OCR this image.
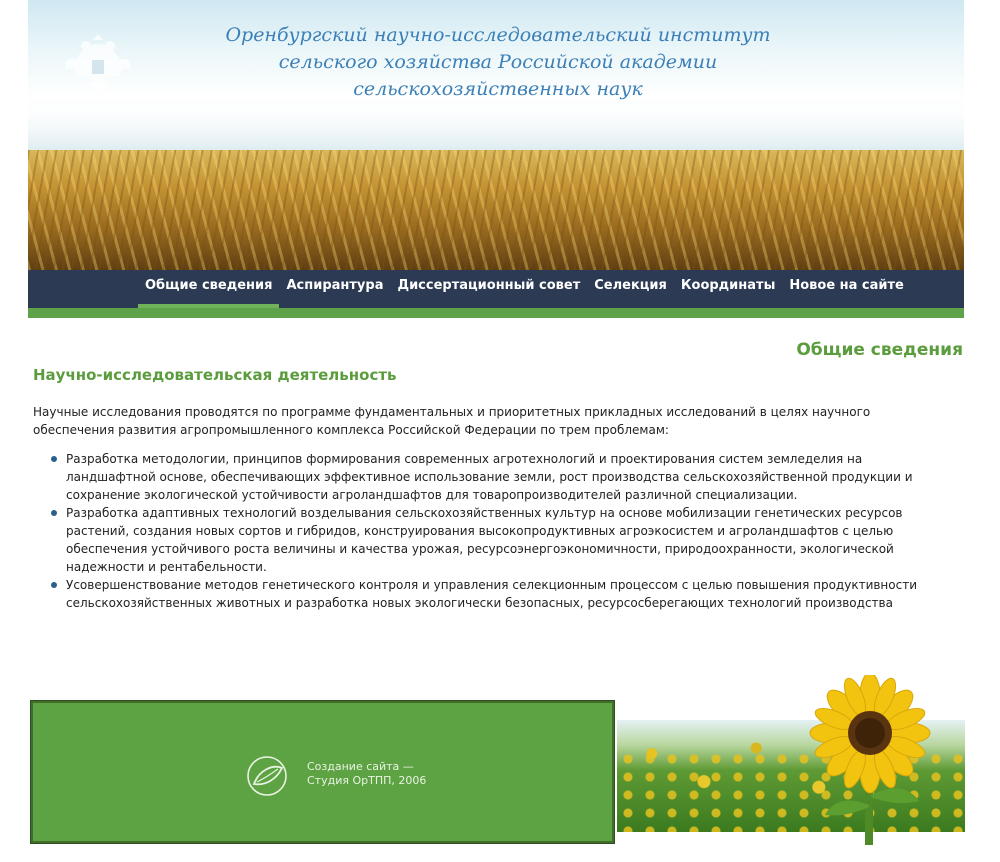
Оренбургский научно-исследовательский институт
сельского хозяйства Российской академии
сельскохозяйственных наук
Общие сведения	Аспирантура	Диссертационный совет	Селекция	Координаты	Новое на сайте
Общие сведения
Научно-исследовательская деятельность

Научные исследования проводятся по программе фундаментальных и приоритетных прикладных исследований в целях научного обеспечения развития агропромышленного комплекса Российской Федерации по трем проблемам:

Разработка методологии, принципов формирования современных агротехнологий и проектирования систем земледелия на ландшафтной основе, обеспечивающих эффективное использование земли, рост производства сельскохозяйственной продукции и сохранение экологической устойчивости агроландшафтов для товаропроизводителей различной специализации.
Разработка адаптивных технологий возделывания сельскохозяйственных культур на основе мобилизации генетических ресурсов растений, создания новых сортов и гибридов, конструирования высокопродуктивных агроэкосистем и агроландшафтов с целью обеспечения устойчивого роста величины и качества урожая, ресурсоэнергоэкономичности, природоохранности, экологической надежности и рентабельности.
Усовершенствование методов генетического контроля и управления селекционным процессом с целью повышения продуктивности сельскохозяйственных животных и разработка новых экологически безопасных, ресурсосберегающих технологий производства
Создание сайта —
Студия ОрТПП, 2006
